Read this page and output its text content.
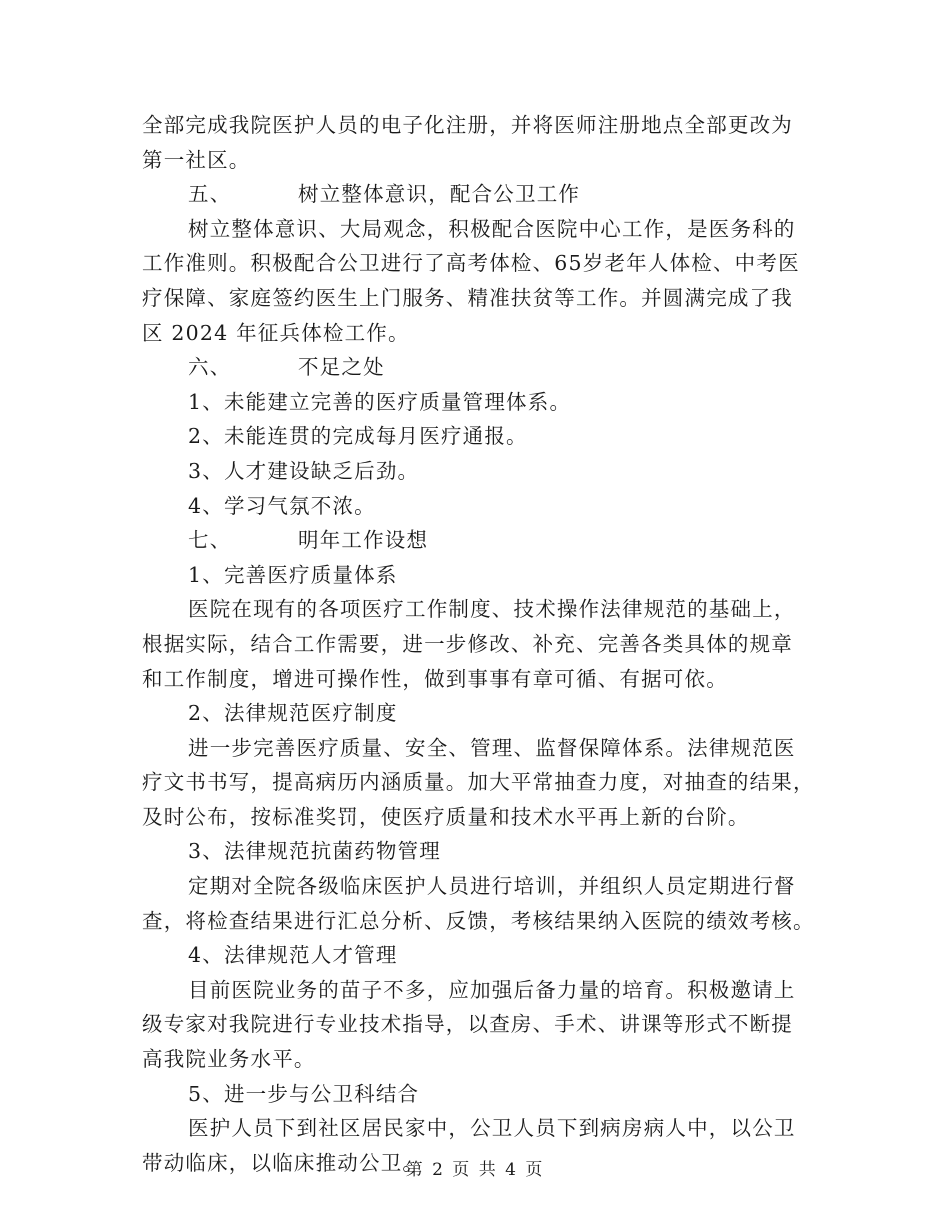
全部完成我院医护人员的电子化注册，并将医师注册地点全部更改为
第一社区。
五、	树立整体意识，配合公卫工作
树立整体意识、大局观念，积极配合医院中心工作，是医务科的
工作准则。积极配合公卫进行了高考体检、65岁老年人体检、中考医
疗保障、家庭签约医生上门服务、精准扶贫等工作。并圆满完成了我
区 2024 年征兵体检工作。
六、	不足之处
1、未能建立完善的医疗质量管理体系。
2、未能连贯的完成每月医疗通报。
3、人才建设缺乏后劲。
4、学习气氛不浓。
七、	明年工作设想
1、完善医疗质量体系
医院在现有的各项医疗工作制度、技术操作法律规范的基础上，
根据实际，结合工作需要，进一步修改、补充、完善各类具体的规章
和工作制度，增进可操作性，做到事事有章可循、有据可依。
2、法律规范医疗制度
进一步完善医疗质量、安全、管理、监督保障体系。法律规范医
疗文书书写，提高病历内涵质量。加大平常抽查力度，对抽查的结果，
及时公布，按标准奖罚，使医疗质量和技术水平再上新的台阶。
3、法律规范抗菌药物管理
定期对全院各级临床医护人员进行培训，并组织人员定期进行督
查，将检查结果进行汇总分析、反馈，考核结果纳入医院的绩效考核。
4、法律规范人才管理
目前医院业务的苗子不多，应加强后备力量的培育。积极邀请上
级专家对我院进行专业技术指导，以查房、手术、讲课等形式不断提
高我院业务水平。
5、进一步与公卫科结合
医护人员下到社区居民家中，公卫人员下到病房病人中，以公卫
带动临床，以临床推动公卫。
第 2 页 共 4 页
